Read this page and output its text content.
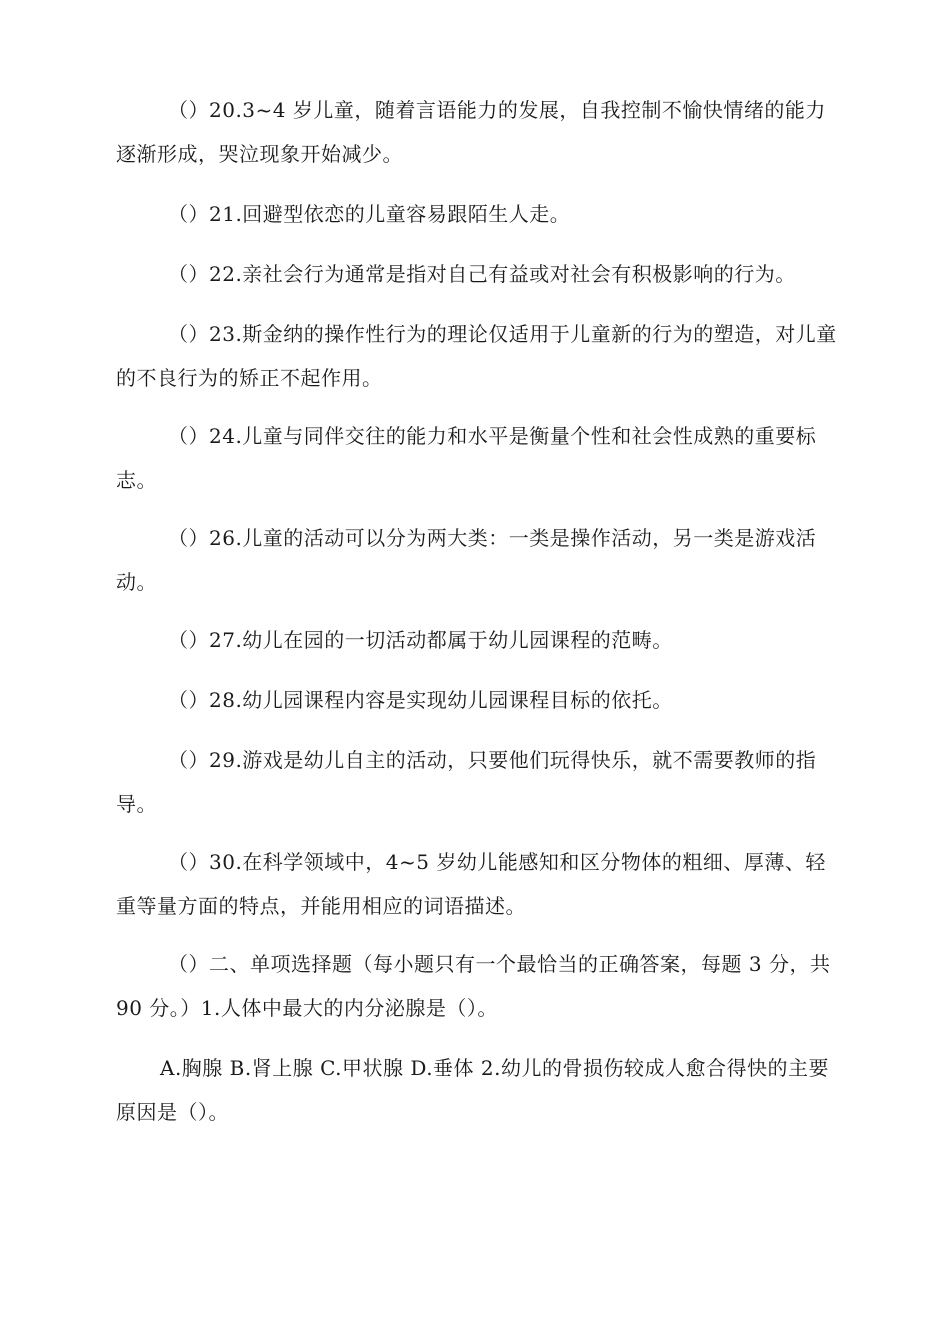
（）20.3~4 岁儿童，随着言语能力的发展，自我控制不愉快情绪的能力逐渐形成，哭泣现象开始减少。

（）21.回避型依恋的儿童容易跟陌生人走。

（）22.亲社会行为通常是指对自己有益或对社会有积极影响的行为。

（）23.斯金纳的操作性行为的理论仅适用于儿童新的行为的塑造，对儿童的不良行为的矫正不起作用。

（）24.儿童与同伴交往的能力和水平是衡量个性和社会性成熟的重要标志。

（）26.儿童的活动可以分为两大类：一类是操作活动，另一类是游戏活动。

（）27.幼儿在园的一切活动都属于幼儿园课程的范畴。

（）28.幼儿园课程内容是实现幼儿园课程目标的依托。

（）29.游戏是幼儿自主的活动，只要他们玩得快乐，就不需要教师的指导。

（）30.在科学领域中，4~5 岁幼儿能感知和区分物体的粗细、厚薄、轻重等量方面的特点，并能用相应的词语描述。

（）二、单项选择题（每小题只有一个最恰当的正确答案，每题 3 分，共 90 分。）1.人体中最大的内分泌腺是（）。

A.胸腺 B.肾上腺 C.甲状腺 D.垂体 2.幼儿的骨损伤较成人愈合得快的主要原因是（）。
